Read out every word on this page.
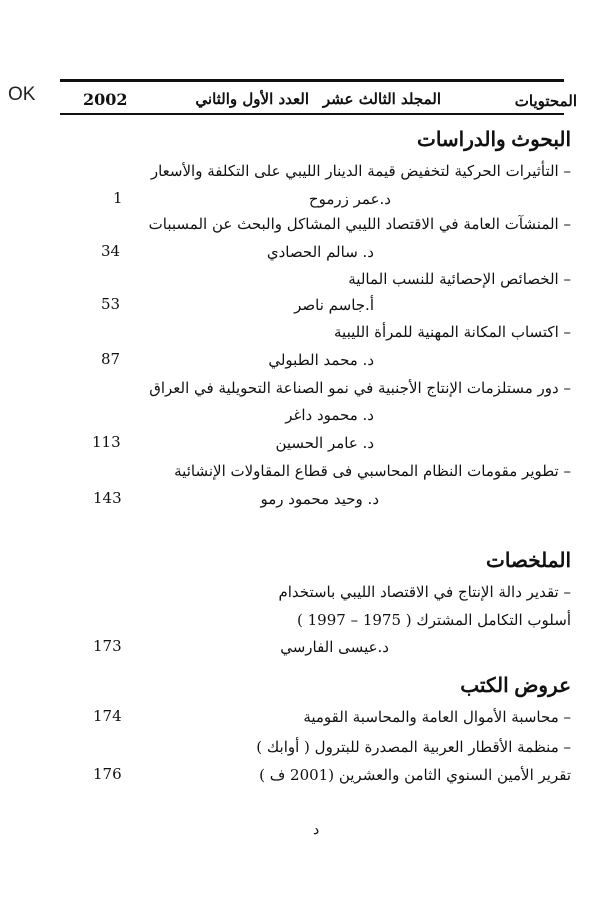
OK	المحتويات
المجلد الثالث عشر
العدد الأول والثاني
2002
البحوث والدراسات
– التأثيرات الحركية لتخفيض قيمة الدينار الليبي على التكلفة والأسعار
د.عمر زرموح
1
– المنشآت العامة في الاقتصاد الليبي المشاكل والبحث عن المسببات
د. سالم الحصادي
34
– الخصائص الإحصائية للنسب المالية
أ.جاسم ناصر
53
– اكتساب المكانة المهنية للمرأة الليبية
د. محمد الطبولي
87
– دور مستلزمات الإنتاج الأجنبية في نمو الصناعة التحويلية في العراق
د. محمود داغر
د. عامر الحسين
113
– تطوير مقومات النظام المحاسبي فى قطاع المقاولات الإنشائية
د. وحيد محمود رمو
143
الملخصات
– تقدير دالة الإنتاج في الاقتصاد الليبي باستخدام
أسلوب التكامل المشترك ( 1975 – 1997 )
د.عيسى الفارسي
173
عروض الكتب
– محاسبة الأموال العامة والمحاسبة القومية
174
– منظمة الأقطار العربية المصدرة للبترول ( أوابك )
تقرير الأمين السنوي الثامن والعشرين (2001 ف )
176
د
